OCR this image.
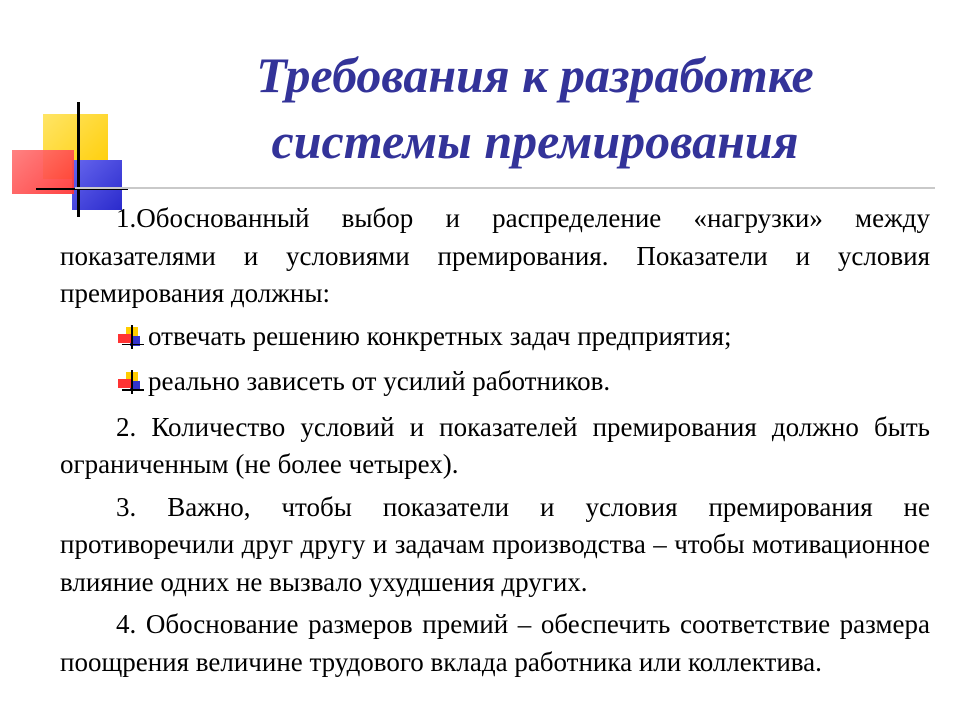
Требования к разработке
системы премирования

1.Обоснованный выбор и распределение «нагрузки» между показателями и условиями премирования. Показатели и условия премирования должны:

отвечать решению конкретных задач предприятия;
реально зависеть от усилий работников.

2. Количество условий и показателей премирования должно быть ограниченным (не более четырех).

3. Важно, чтобы показатели и условия премирования не противоречили друг другу и задачам производства – чтобы мотивационное влияние одних не вызвало ухудшения других.

4. Обоснование размеров премий – обеспечить соответствие размера поощрения величине трудового вклада работника или коллектива.
